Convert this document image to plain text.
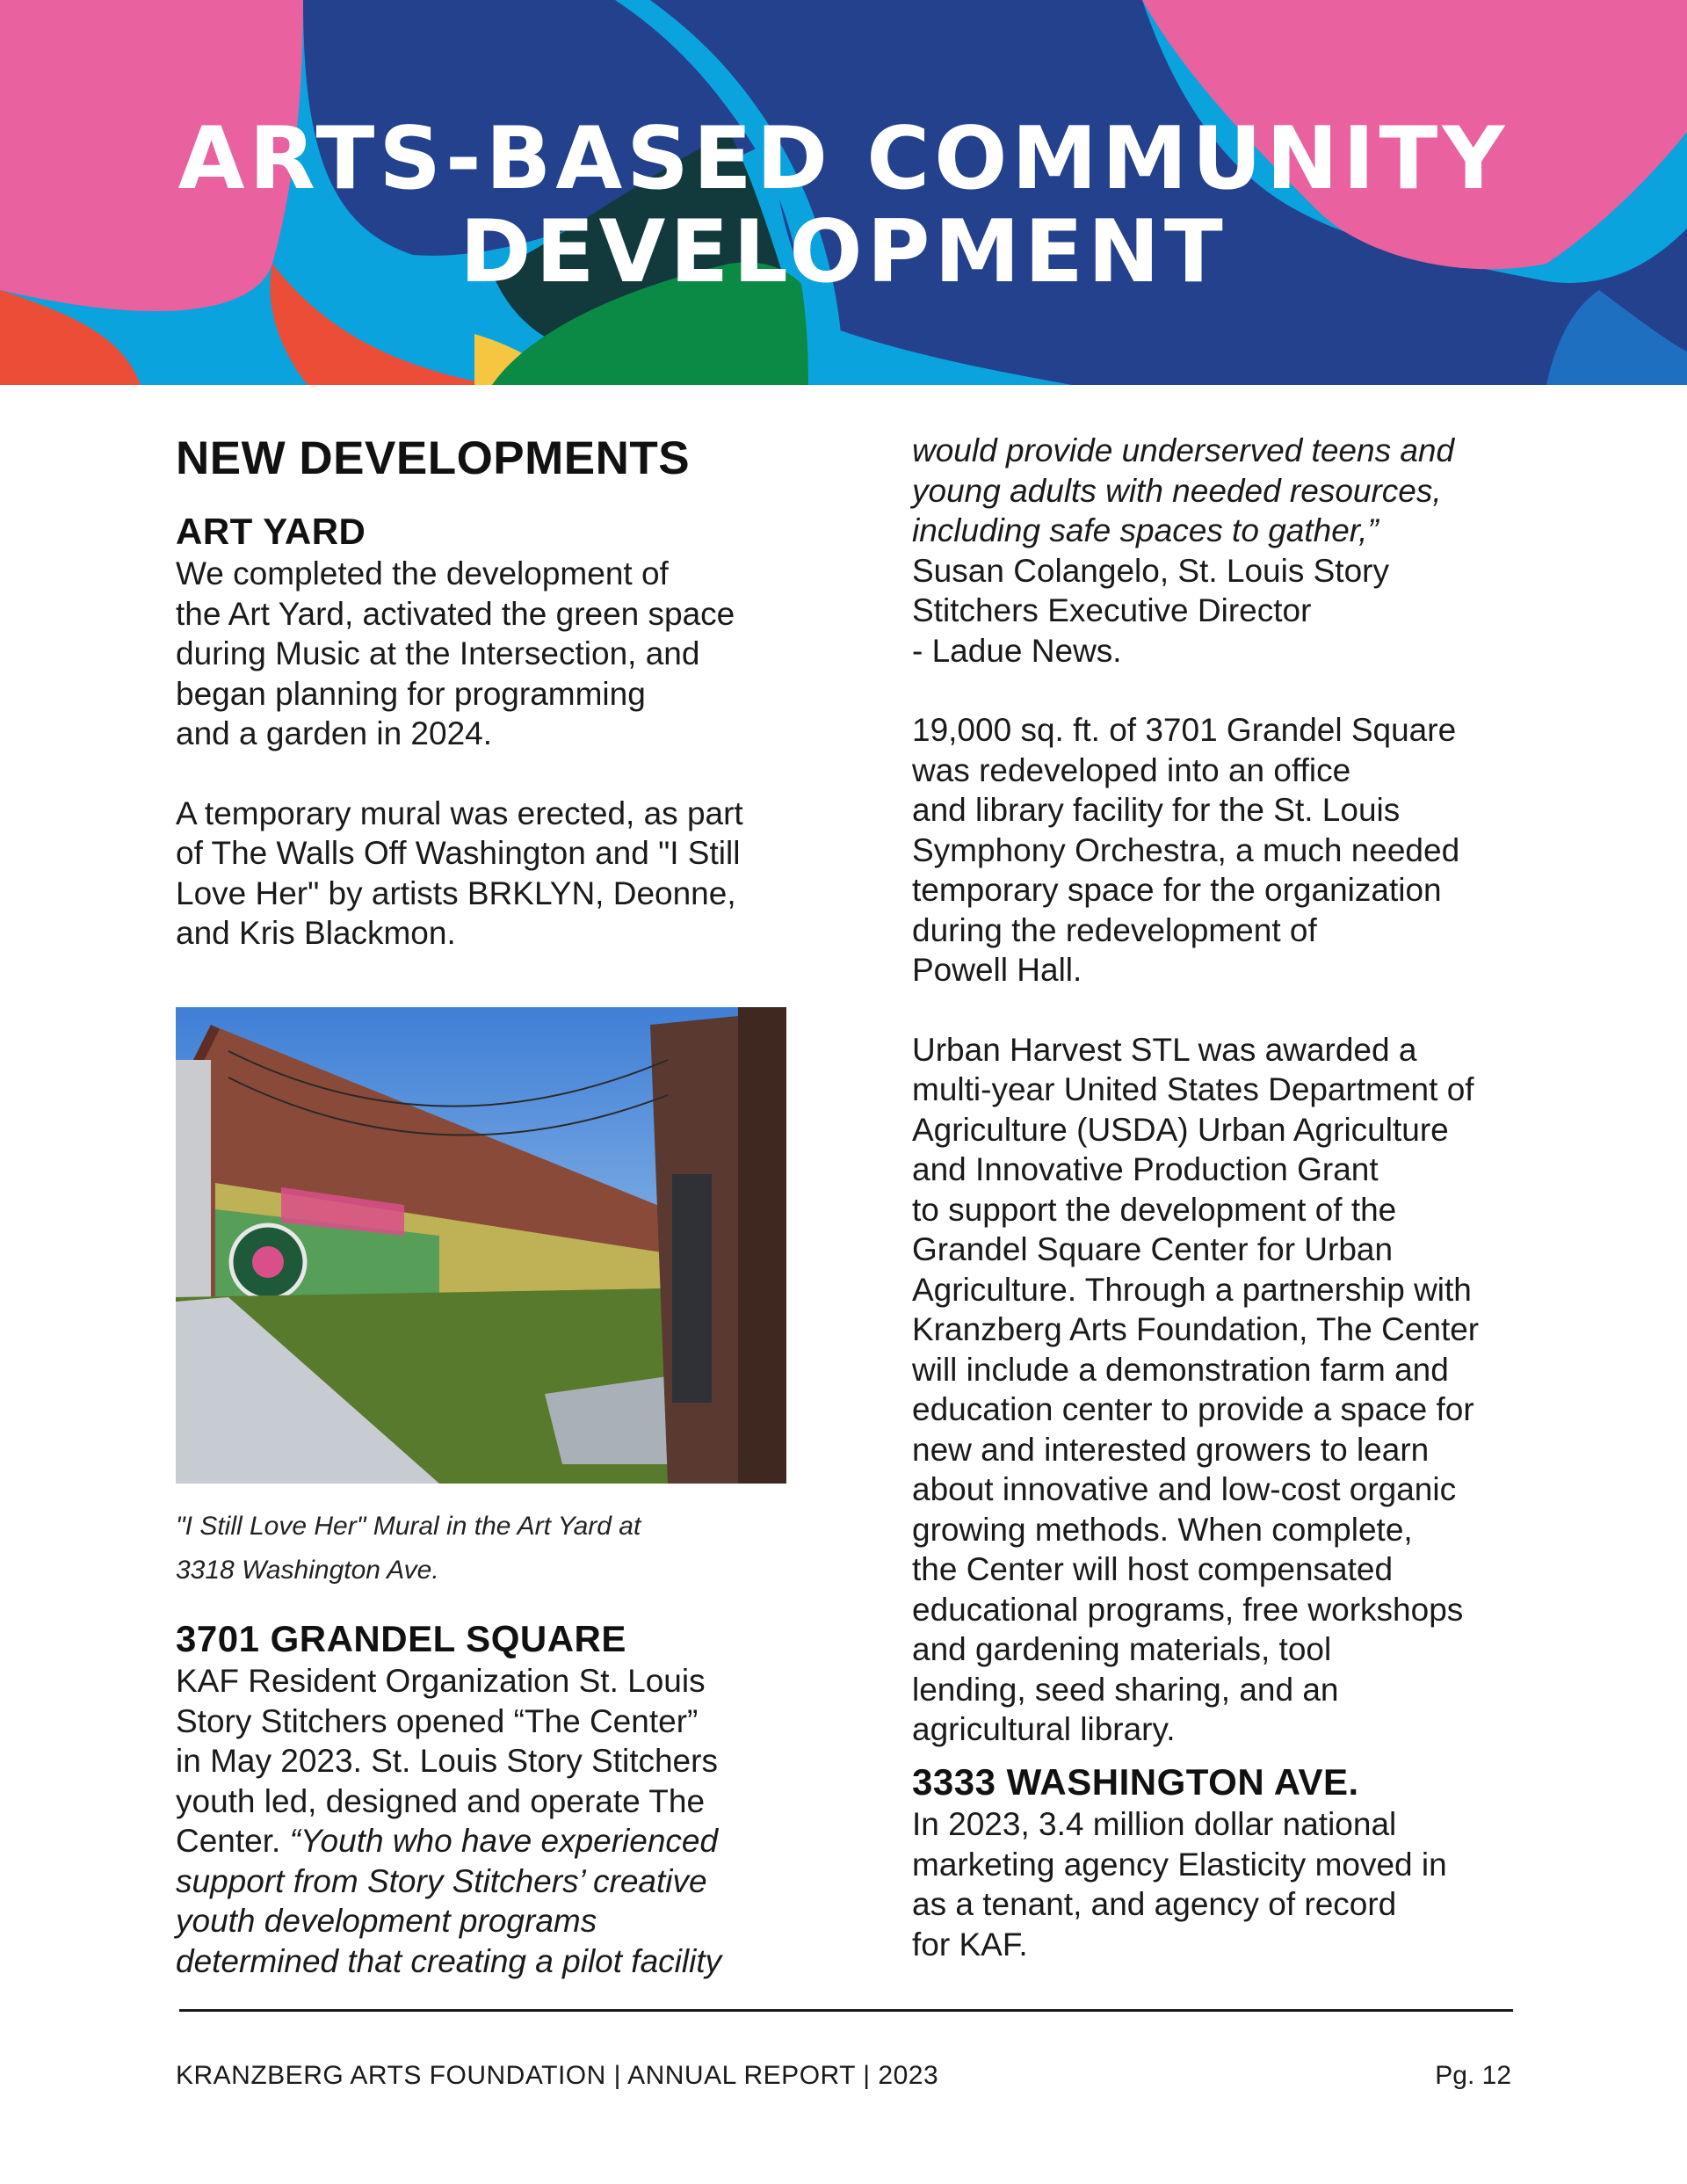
ARTS-BASED COMMUNITY
DEVELOPMENT
NEW DEVELOPMENTS
ART YARD
We completed the development of
the Art Yard, activated the green space
during Music at the Intersection, and
began planning for programming
and a garden in 2024.
A temporary mural was erected, as part
of The Walls Off Washington and "I Still
Love Her" by artists BRKLYN, Deonne,
and Kris Blackmon.
"I Still Love Her" Mural in the Art Yard at
3318 Washington Ave.
3701 GRANDEL SQUARE
KAF Resident Organization St. Louis
Story Stitchers opened “The Center”
in May 2023. St. Louis Story Stitchers
youth led, designed and operate The
Center. “Youth who have experienced
support from Story Stitchers’ creative
youth development programs
determined that creating a pilot facility
would provide underserved teens and
young adults with needed resources,
including safe spaces to gather,”
Susan Colangelo, St. Louis Story
Stitchers Executive Director
- Ladue News.
19,000 sq. ft. of 3701 Grandel Square
was redeveloped into an office
and library facility for the St. Louis
Symphony Orchestra, a much needed
temporary space for the organization
during the redevelopment of
Powell Hall.
Urban Harvest STL was awarded a
multi-year United States Department of
Agriculture (USDA) Urban Agriculture
and Innovative Production Grant
to support the development of the
Grandel Square Center for Urban
Agriculture. Through a partnership with
Kranzberg Arts Foundation, The Center
will include a demonstration farm and
education center to provide a space for
new and interested growers to learn
about innovative and low-cost organic
growing methods. When complete,
the Center will host compensated
educational programs, free workshops
and gardening materials, tool
lending, seed sharing, and an
agricultural library.
3333 WASHINGTON AVE.
In 2023, 3.4 million dollar national
marketing agency Elasticity moved in
as a tenant, and agency of record
for KAF.
KRANZBERG ARTS FOUNDATION | ANNUAL REPORT | 2023	Pg. 12
